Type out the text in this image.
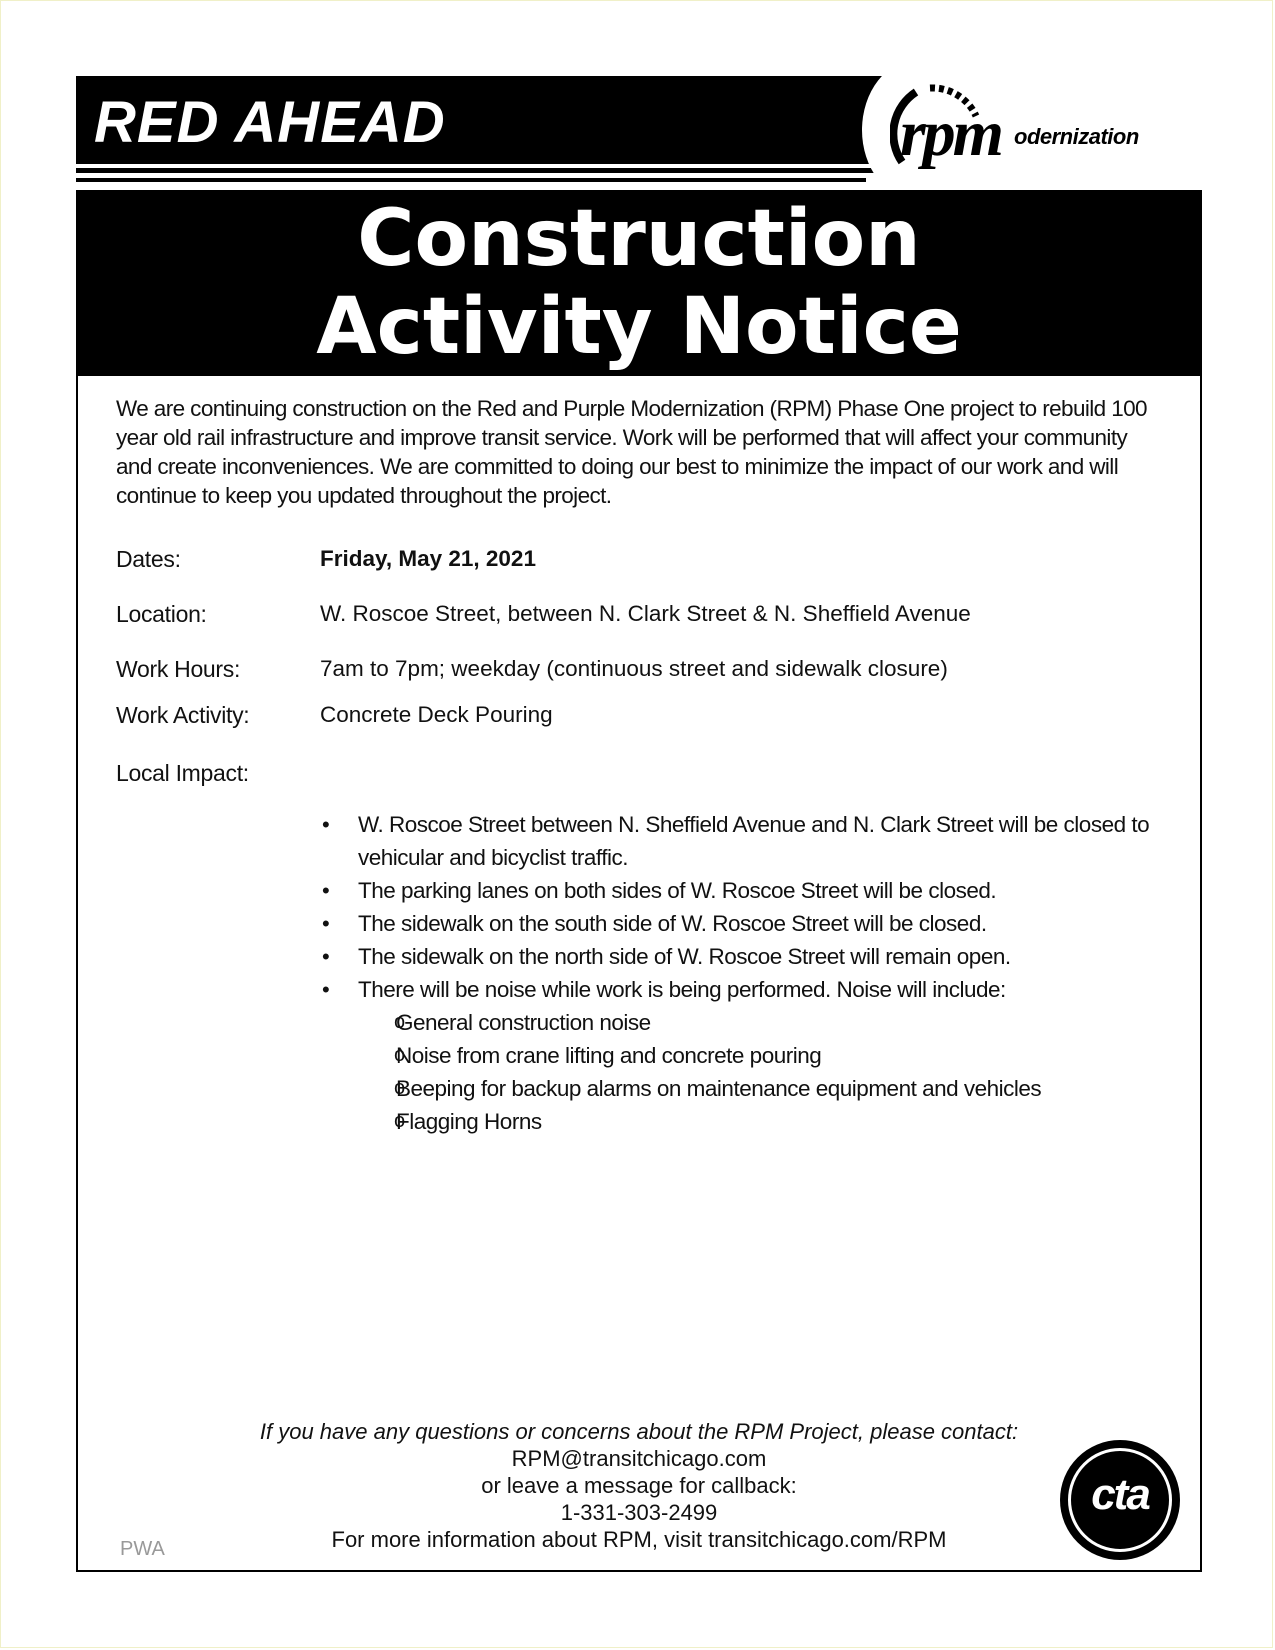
RED AHEAD	rpm odernization
Construction
Activity Notice
We are continuing construction on the Red and Purple Modernization (RPM) Phase One project to rebuild 100 year old rail infrastructure and improve transit service. Work will be performed that will affect your community and create inconveniences. We are committed to doing our best to minimize the impact of our work and will continue to keep you updated throughout the project.
Dates:	Friday, May 21, 2021
Location:	W. Roscoe Street, between N. Clark Street & N. Sheffield Avenue
Work Hours:	7am to 7pm; weekday (continuous street and sidewalk closure)
Work Activity:	Concrete Deck Pouring
Local Impact:
• W. Roscoe Street between N. Sheffield Avenue and N. Clark Street will be closed to vehicular and bicyclist traffic.
• The parking lanes on both sides of W. Roscoe Street will be closed.
• The sidewalk on the south side of W. Roscoe Street will be closed.
• The sidewalk on the north side of W. Roscoe Street will remain open.
• There will be noise while work is being performed. Noise will include:
o General construction noise
o Noise from crane lifting and concrete pouring
o Beeping for backup alarms on maintenance equipment and vehicles
o Flagging Horns
If you have any questions or concerns about the RPM Project, please contact:
RPM@transitchicago.com
or leave a message for callback:
1-331-303-2499
For more information about RPM, visit transitchicago.com/RPM
PWA
cta
